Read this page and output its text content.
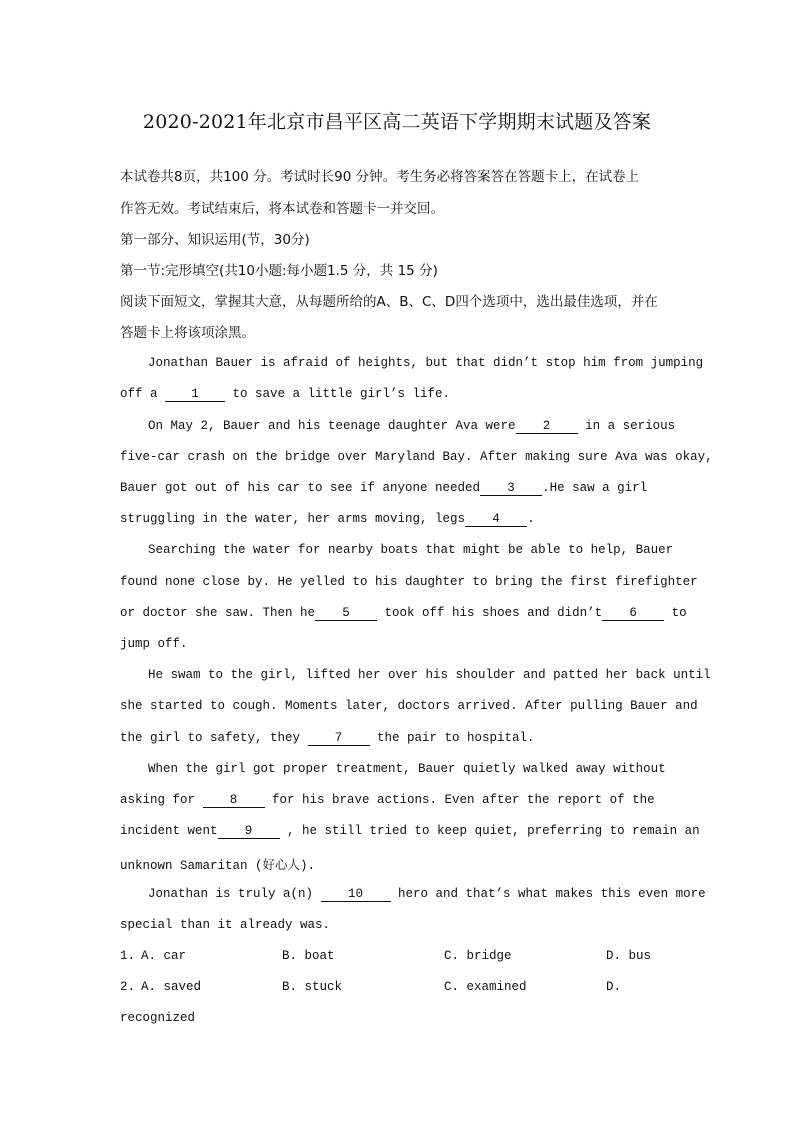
2020-2021年北京市昌平区高二英语下学期期末试题及答案
本试卷共8页，共100 分。考试时长90 分钟。考生务必将答案答在答题卡上，在试卷上
作答无效。考试结束后，将本试卷和答题卡一并交回。
第一部分、知识运用(节，30分)
第一节:完形填空(共10小题:每小题1.5 分，共 15 分)
阅读下面短文，掌握其大意，从每题所给的A、B、C、D四个选项中，选出最佳选项，并在
答题卡上将该项涂黑。
Jonathan Bauer is afraid of heights, but that didn’t stop him from jumping
off a 1 to save a little girl’s life.
On May 2, Bauer and his teenage daughter Ava were 2 in a serious
five-car crash on the bridge over Maryland Bay. After making sure Ava was okay,
Bauer got out of his car to see if anyone needed 3 .He saw a girl
struggling in the water, her arms moving, legs 4 .
Searching the water for nearby boats that might be able to help, Bauer
found none close by. He yelled to his daughter to bring the first firefighter
or doctor she saw. Then he 5 took off his shoes and didn’t 6 to
jump off.
He swam to the girl, lifted her over his shoulder and patted her back until
she started to cough. Moments later, doctors arrived. After pulling Bauer and
the girl to safety, they 7 the pair to hospital.
When the girl got proper treatment, Bauer quietly walked away without
asking for 8 for his brave actions. Even after the report of the
incident went 9 , he still tried to keep quiet, preferring to remain an
unknown Samaritan (好心人).
Jonathan is truly a(n) 10 hero and that’s what makes this even more
special than it already was.
1. A. car	B. boat	C. bridge	D. bus
2. A. saved	B. stuck	C. examined	D.
recognized
